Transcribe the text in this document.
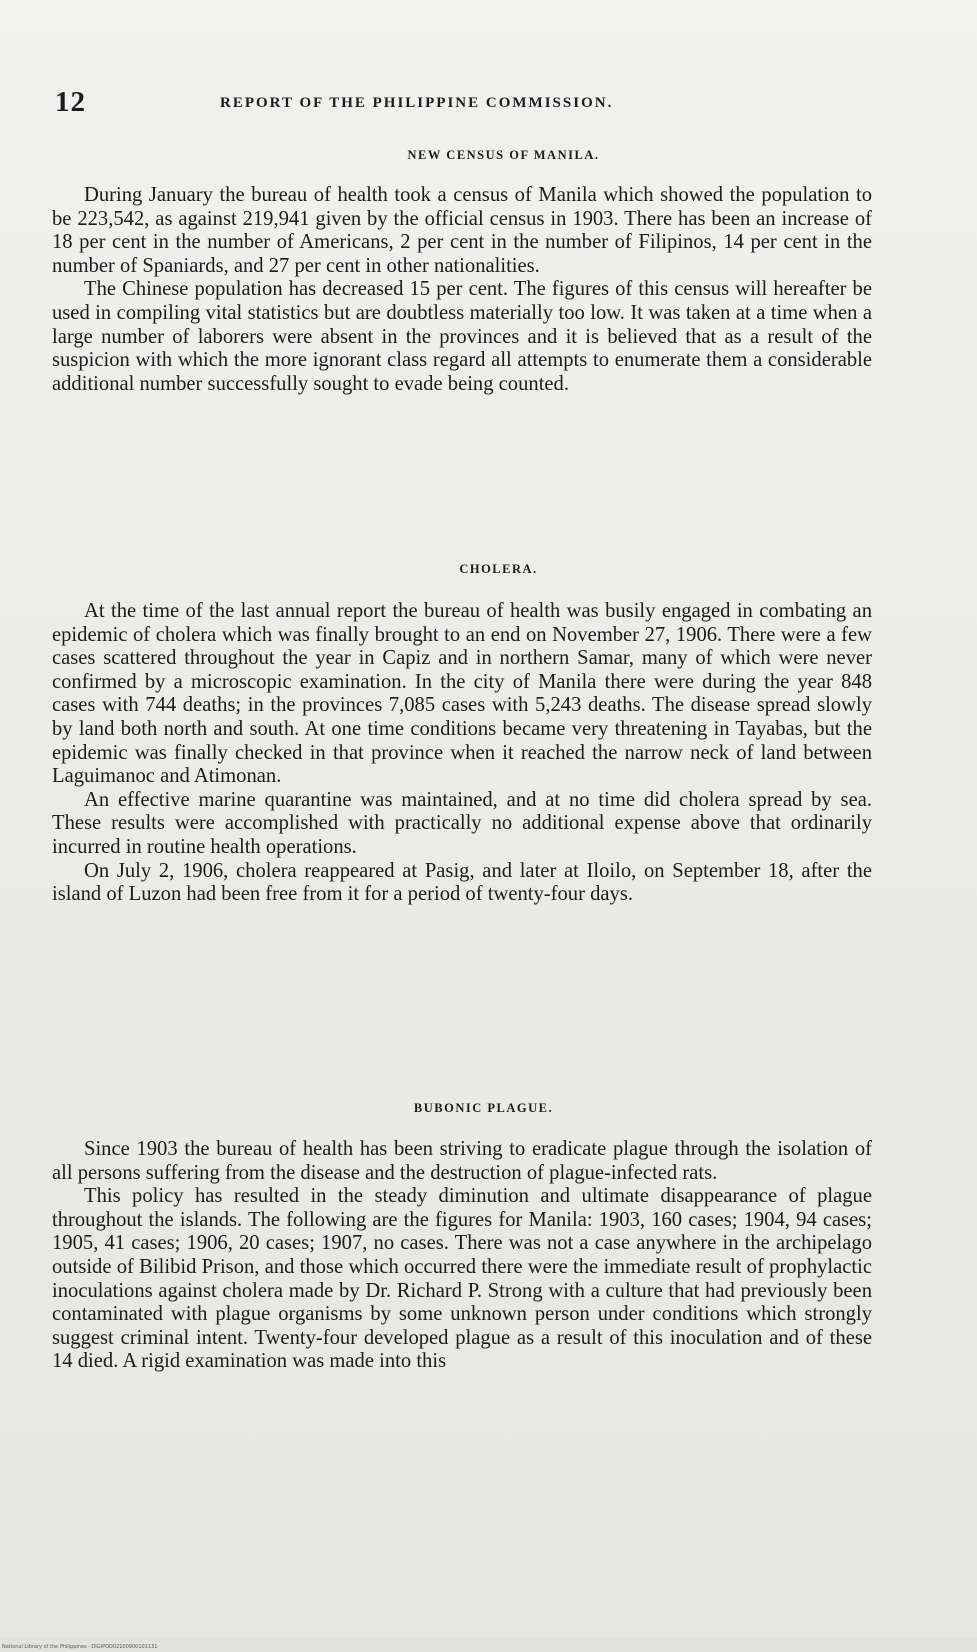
12	REPORT OF THE PHILIPPINE COMMISSION.
NEW CENSUS OF MANILA.

During January the bureau of health took a census of Manila which showed the population to be 223,542, as against 219,941 given by the official census in 1903. There has been an increase of 18 per cent in the number of Americans, 2 per cent in the number of Filipinos, 14 per cent in the number of Spaniards, and 27 per cent in other nationalities.

The Chinese population has decreased 15 per cent. The figures of this census will hereafter be used in compiling vital statistics but are doubtless materially too low. It was taken at a time when a large number of laborers were absent in the provinces and it is believed that as a result of the suspicion with which the more ignorant class regard all attempts to enumerate them a considerable additional number successfully sought to evade being counted.

CHOLERA.

At the time of the last annual report the bureau of health was busily engaged in combating an epidemic of cholera which was finally brought to an end on November 27, 1906. There were a few cases scattered throughout the year in Capiz and in northern Samar, many of which were never confirmed by a microscopic examination. In the city of Manila there were during the year 848 cases with 744 deaths; in the provinces 7,085 cases with 5,243 deaths. The disease spread slowly by land both north and south. At one time conditions became very threatening in Tayabas, but the epidemic was finally checked in that province when it reached the narrow neck of land between Laguimanoc and Atimonan.

An effective marine quarantine was maintained, and at no time did cholera spread by sea. These results were accomplished with practically no additional expense above that ordinarily incurred in routine health operations.

On July 2, 1906, cholera reappeared at Pasig, and later at Iloilo, on September 18, after the island of Luzon had been free from it for a period of twenty-four days.

BUBONIC PLAGUE.

Since 1903 the bureau of health has been striving to eradicate plague through the isolation of all persons suffering from the disease and the destruction of plague-infected rats.

This policy has resulted in the steady diminution and ultimate disappearance of plague throughout the islands. The following are the figures for Manila: 1903, 160 cases; 1904, 94 cases; 1905, 41 cases; 1906, 20 cases; 1907, no cases. There was not a case anywhere in the archipelago outside of Bilibid Prison, and those which occurred there were the immediate result of prophylactic inoculations against cholera made by Dr. Richard P. Strong with a culture that had previously been contaminated with plague organisms by some unknown person under conditions which strongly suggest criminal intent. Twenty-four developed plague as a result of this inoculation and of these 14 died. A rigid examination was made into this

National Library of the Philippines · DIGIPOD02100900101131
